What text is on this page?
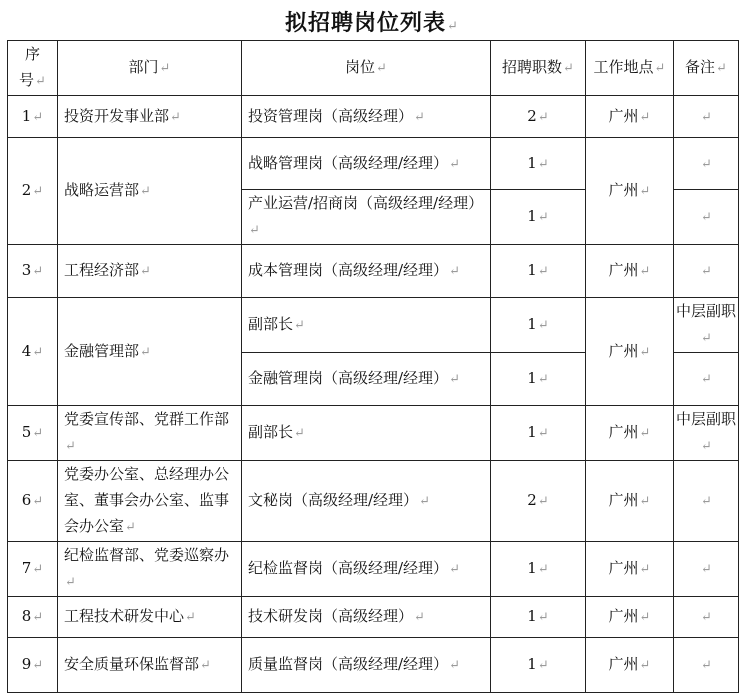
拟招聘岗位列表↵
序
号↵	部门↵	岗位↵	招聘职数↵	工作地点↵	备注↵
1↵	投资开发事业部↵	投资管理岗（高级经理）↵	2↵	广州↵	↵
2↵	战略运营部↵	战略管理岗（高级经理/经理）↵	1↵	广州↵	↵
		产业运营/招商岗（高级经理/经理）↵	1↵		↵
3↵	工程经济部↵	成本管理岗（高级经理/经理）↵	1↵	广州↵	↵
4↵	金融管理部↵	副部长↵	1↵	广州↵	中层副职↵
		金融管理岗（高级经理/经理）↵	1↵		↵
5↵	党委宣传部、党群工作部↵	副部长↵	1↵	广州↵	中层副职↵
6↵	党委办公室、总经理办公室、董事会办公室、监事会办公室↵	文秘岗（高级经理/经理）↵	2↵	广州↵	↵
7↵	纪检监督部、党委巡察办↵	纪检监督岗（高级经理/经理）↵	1↵	广州↵	↵
8↵	工程技术研发中心↵	技术研发岗（高级经理）↵	1↵	广州↵	↵
9↵	安全质量环保监督部↵	质量监督岗（高级经理/经理）↵	1↵	广州↵	↵
